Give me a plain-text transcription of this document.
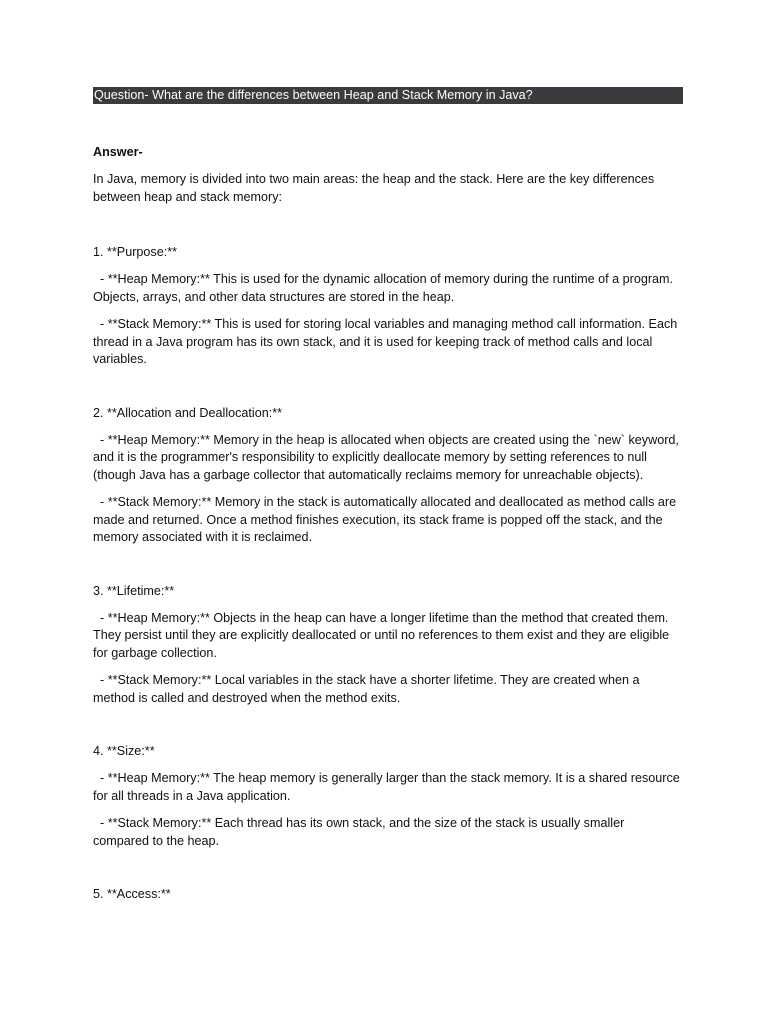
Question- What are the differences between Heap and Stack Memory in Java?
Answer-

In Java, memory is divided into two main areas: the heap and the stack. Here are the key differences between heap and stack memory:

1. **Purpose:**

- **Heap Memory:** This is used for the dynamic allocation of memory during the runtime of a program. Objects, arrays, and other data structures are stored in the heap.

- **Stack Memory:** This is used for storing local variables and managing method call information. Each thread in a Java program has its own stack, and it is used for keeping track of method calls and local variables.

2. **Allocation and Deallocation:**

- **Heap Memory:** Memory in the heap is allocated when objects are created using the `new` keyword, and it is the programmer's responsibility to explicitly deallocate memory by setting references to null (though Java has a garbage collector that automatically reclaims memory for unreachable objects).

- **Stack Memory:** Memory in the stack is automatically allocated and deallocated as method calls are made and returned. Once a method finishes execution, its stack frame is popped off the stack, and the memory associated with it is reclaimed.

3. **Lifetime:**

- **Heap Memory:** Objects in the heap can have a longer lifetime than the method that created them. They persist until they are explicitly deallocated or until no references to them exist and they are eligible for garbage collection.

- **Stack Memory:** Local variables in the stack have a shorter lifetime. They are created when a method is called and destroyed when the method exits.

4. **Size:**

- **Heap Memory:** The heap memory is generally larger than the stack memory. It is a shared resource for all threads in a Java application.

- **Stack Memory:** Each thread has its own stack, and the size of the stack is usually smaller compared to the heap.

5. **Access:**
